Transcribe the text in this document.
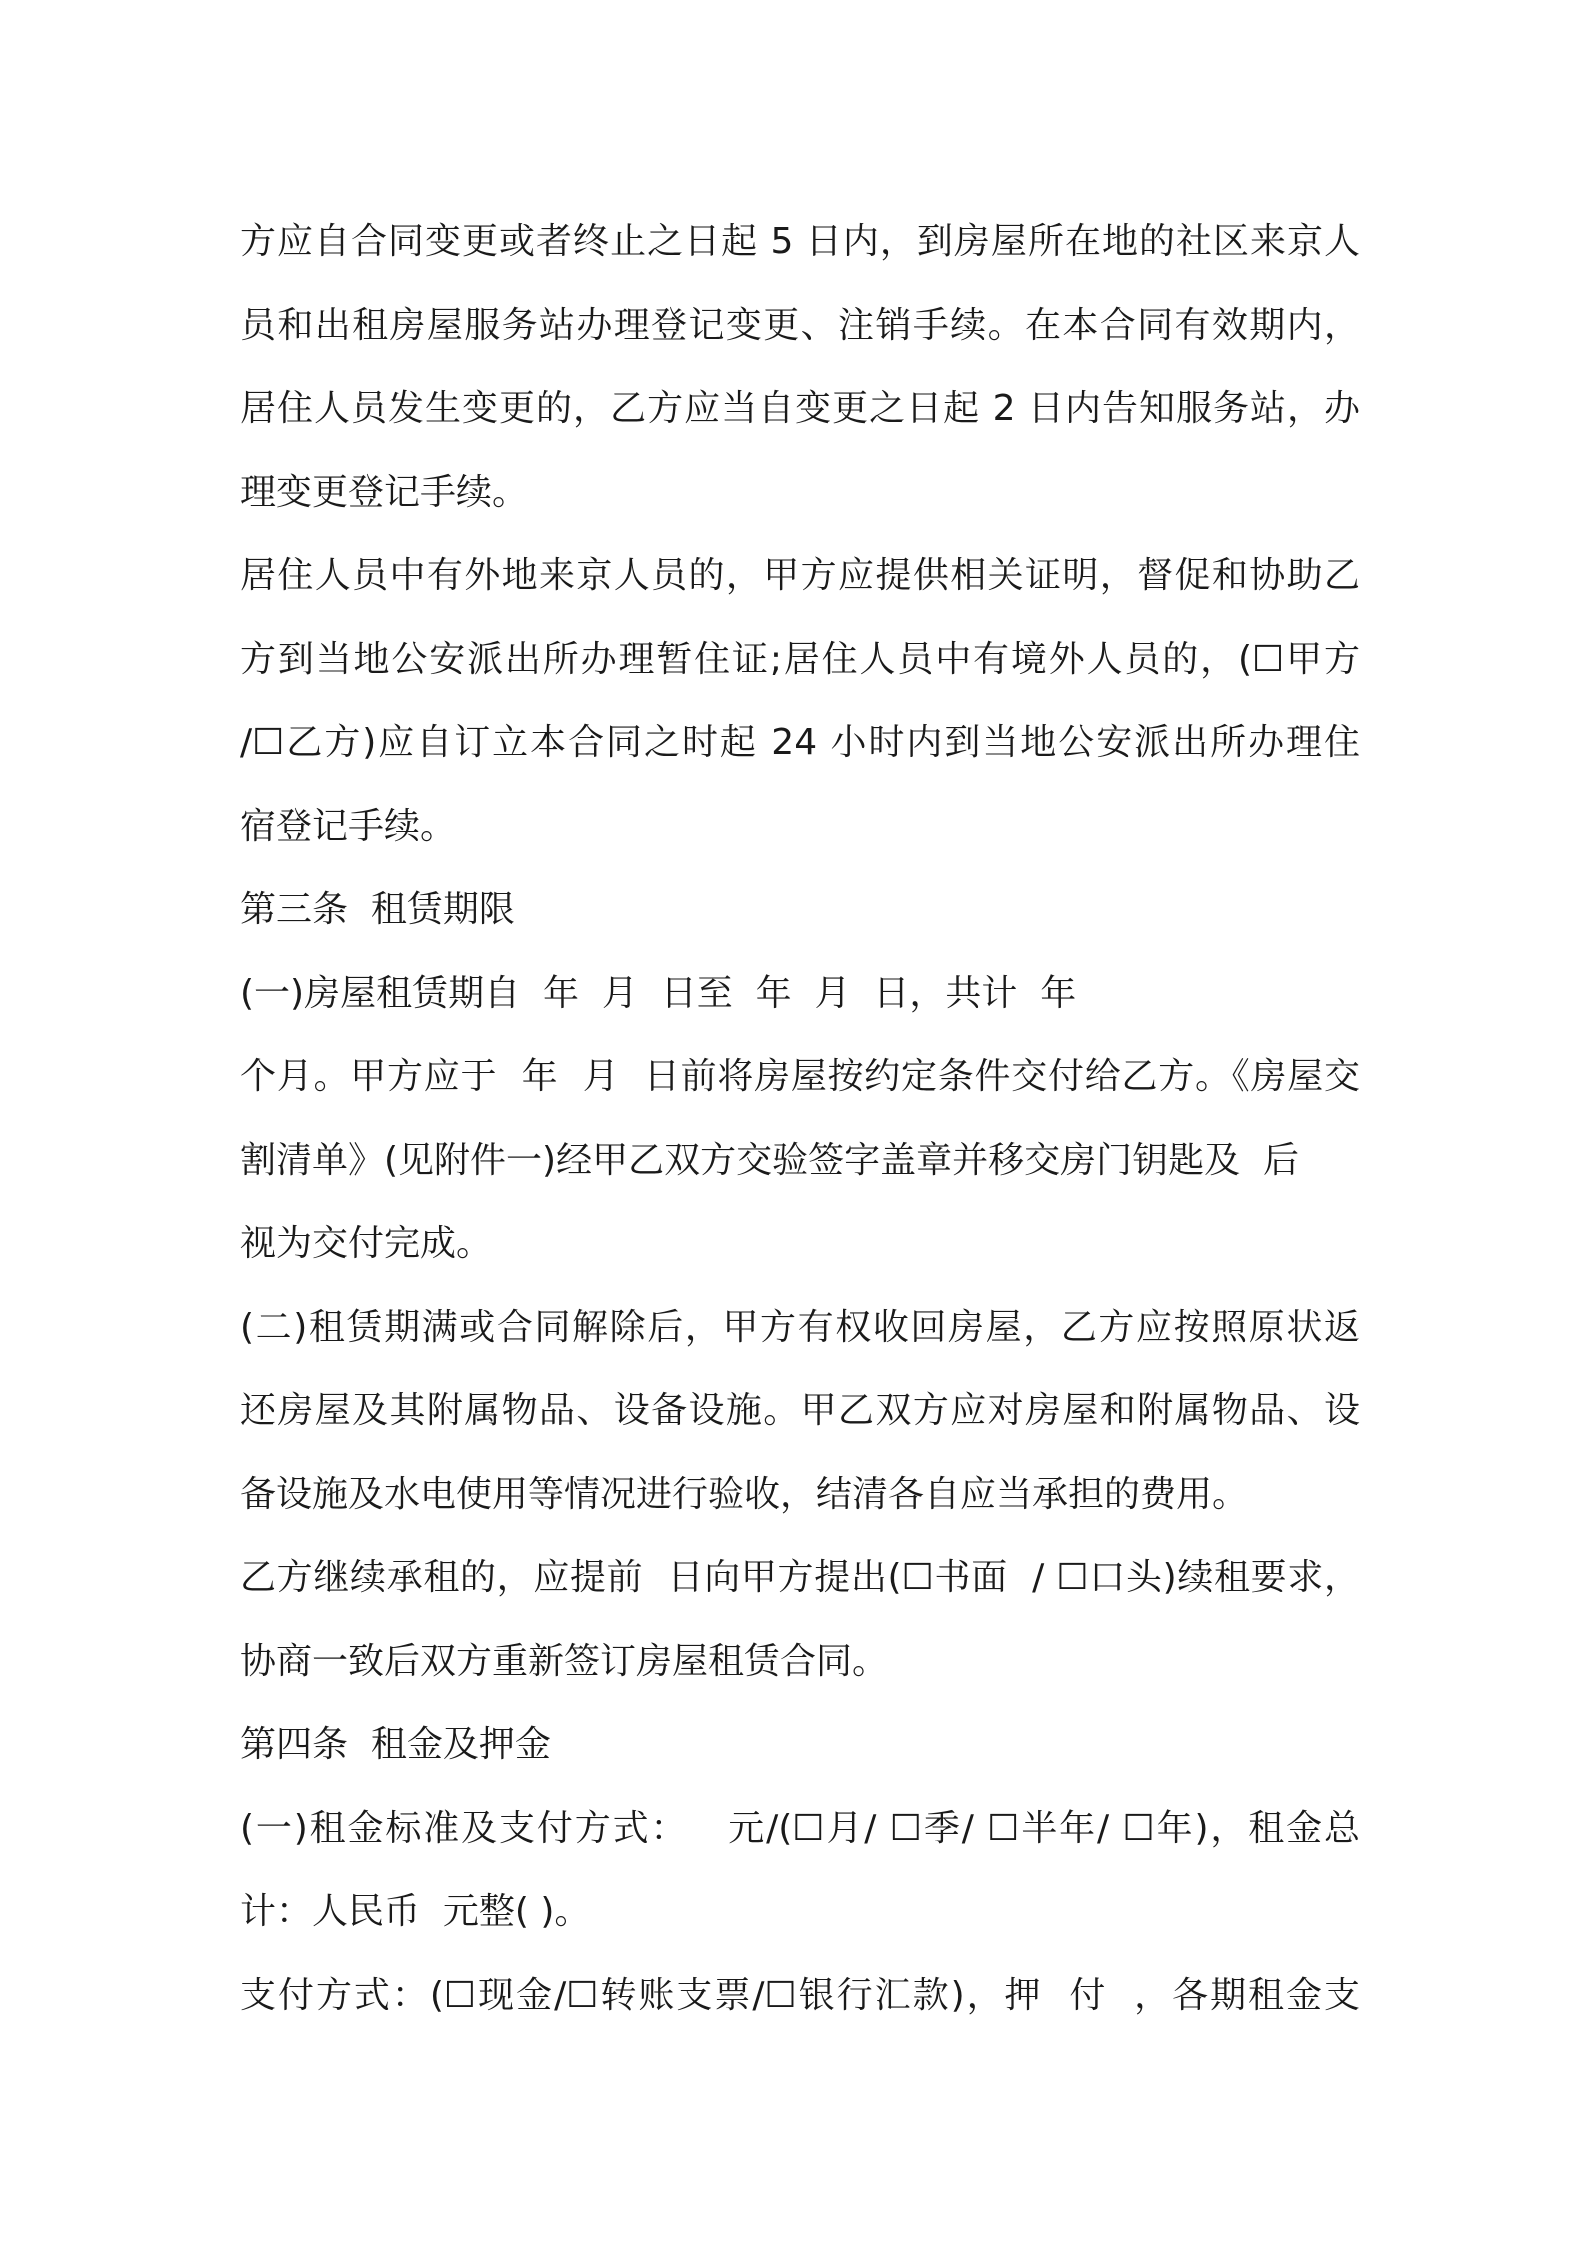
方应自合同变更或者终止之日起 5 日内，到房屋所在地的社区来京人
员和出租房屋服务站办理登记变更、注销手续。在本合同有效期内，
居住人员发生变更的，乙方应当自变更之日起 2 日内告知服务站，办
理变更登记手续。
居住人员中有外地来京人员的，甲方应提供相关证明，督促和协助乙
方到当地公安派出所办理暂住证;居住人员中有境外人员的，(☐甲方
/☐乙方)应自订立本合同之时起 24 小时内到当地公安派出所办理住
宿登记手续。
第三条  租赁期限
(一)房屋租赁期自  年  月  日至  年  月  日，共计  年
个月。甲方应于  年  月  日前将房屋按约定条件交付给乙方。《房屋交
割清单》(见附件一)经甲乙双方交验签字盖章并移交房门钥匙及  后
视为交付完成。
(二)租赁期满或合同解除后，甲方有权收回房屋，乙方应按照原状返
还房屋及其附属物品、设备设施。甲乙双方应对房屋和附属物品、设
备设施及水电使用等情况进行验收，结清各自应当承担的费用。
乙方继续承租的，应提前  日向甲方提出(☐书面  / ☐口头)续租要求，
协商一致后双方重新签订房屋租赁合同。
第四条  租金及押金
(一)租金标准及支付方式：   元/(☐月/ ☐季/ ☐半年/ ☐年)，租金总
计：人民币  元整( )。
支付方式：(☐现金/☐转账支票/☐银行汇款)，押  付  ，各期租金支
